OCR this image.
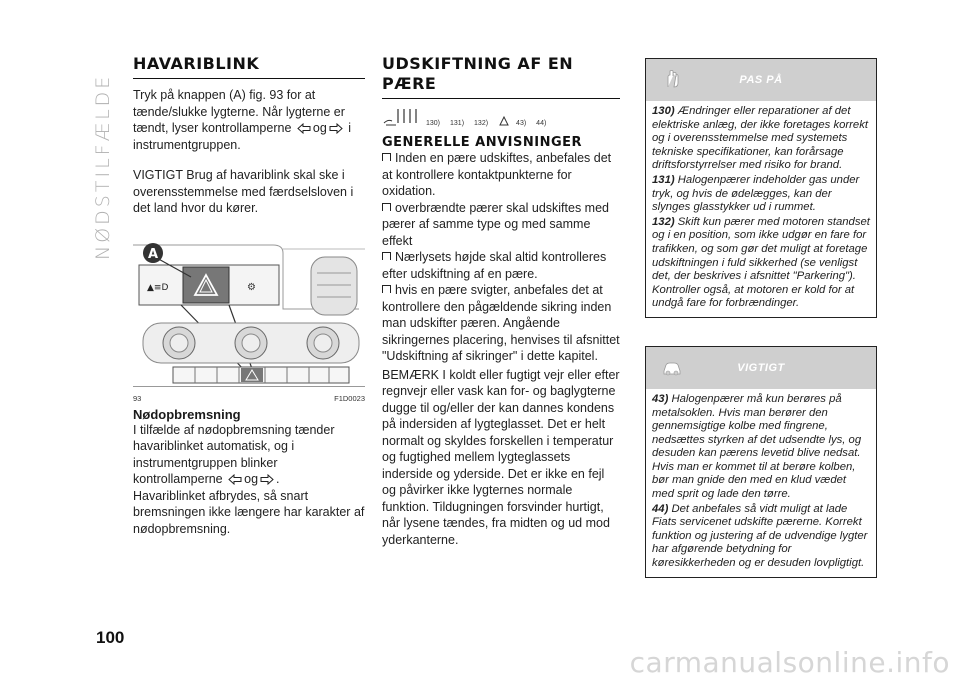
NØDSTILFÆLDE
HAVARIBLINK

Tryk på knappen (A) fig. 93 for at tænde/slukke lygterne. Når lygterne er tændt, lyser kontrollamperne og i instrumentgruppen.

VIGTIGT Brug af havariblink skal ske i overensstemmelse med færdselsloven i det land hvor du kører.

▲≡D	⚙
A
93	F1D0023
Nødopbremsning

I tilfælde af nødopbremsning tænder havariblinket automatisk, og i instrumentgruppen blinker kontrollamperne og .

Havariblinket afbrydes, så snart bremsningen ikke længere har karakter af nødopbremsning.

UDSKIFTNING AF EN PÆRE
130) 131) 132)	43) 44)
GENERELLE ANVISNINGER
Inden en pære udskiftes, anbefales det at kontrollere kontaktpunkterne for oxidation.
overbrændte pærer skal udskiftes med pærer af samme type og med samme effekt
Nærlysets højde skal altid kontrolleres efter udskiftning af en pære.
hvis en pære svigter, anbefales det at kontrollere den pågældende sikring inden man udskifter pæren. Angående sikringernes placering, henvises til afsnittet "Udskiftning af sikringer" i dette kapitel.

BEMÆRK I koldt eller fugtigt vejr eller efter regnvejr eller vask kan for- og baglygterne dugge til og/eller der kan dannes kondens på indersiden af lygteglasset. Det er helt normalt og skyldes forskellen i temperatur og fugtighed mellem lygteglassets inderside og yderside. Det er ikke en fejl og påvirker ikke lygternes normale funktion. Tildugningen forsvinder hurtigt, når lysene tændes, fra midten og ud mod yderkanterne.

PAS PÅ

130) Ændringer eller reparationer af det elektriske anlæg, der ikke foretages korrekt og i overensstemmelse med systemets tekniske specifikationer, kan forårsage driftsforstyrrelser med risiko for brand.

131) Halogenpærer indeholder gas under tryk, og hvis de ødelægges, kan der slynges glasstykker ud i rummet.

132) Skift kun pærer med motoren standset og i en position, som ikke udgør en fare for trafikken, og som gør det muligt at foretage udskiftningen i fuld sikkerhed (se venligst det, der beskrives i afsnittet "Parkering"). Kontroller også, at motoren er kold for at undgå fare for forbrændinger.

VIGTIGT

43) Halogenpærer må kun berøres på metalsoklen. Hvis man berører den gennemsigtige kolbe med fingrene, nedsættes styrken af det udsendte lys, og desuden kan pærens levetid blive nedsat. Hvis man er kommet til at berøre kolben, bør man gnide den med en klud vædet med sprit og lade den tørre.

44) Det anbefales så vidt muligt at lade Fiats servicenet udskifte pærerne. Korrekt funktion og justering af de udvendige lygter har afgørende betydning for køresikkerheden og er desuden lovpligtigt.

100
carmanualsonline.info
